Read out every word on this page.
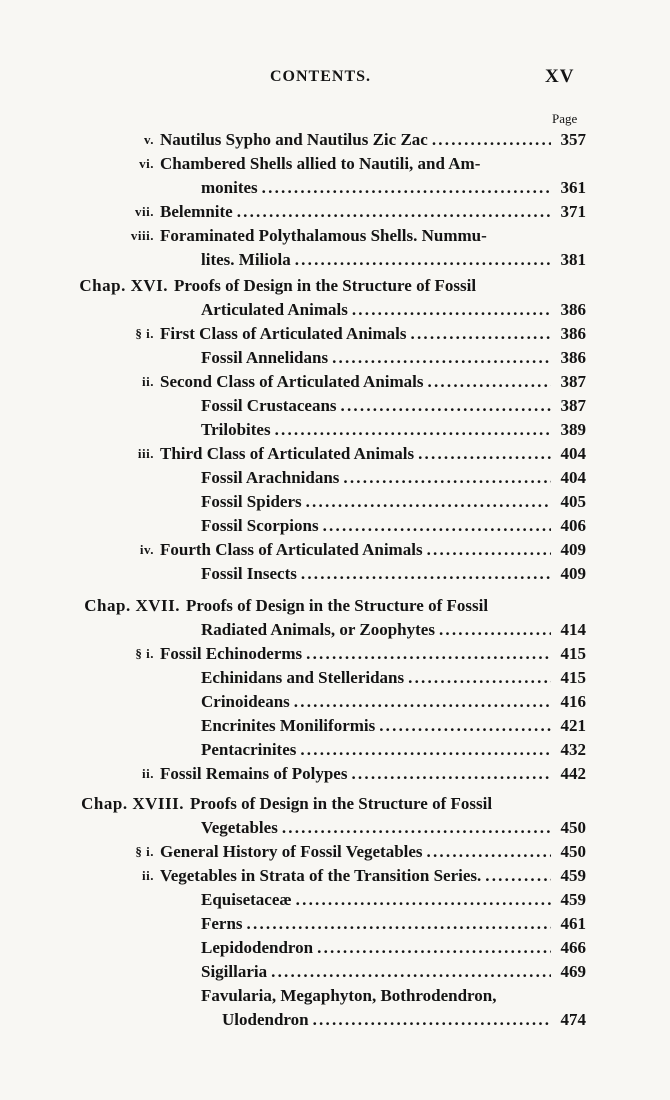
CONTENTS.	XV
Page
v. Nautilus Sypho and Nautilus Zic Zac .....	357
vi. Chambered Shells allied to Nautili, and Am-
monites .....	361
vii. Belemnite .....	371
viii. Foraminated Polythalamous Shells. Nummu-
lites. Miliola .....	381
Chap. XVI. Proofs of Design in the Structure of Fossil
Articulated Animals .....	386
§ i. First Class of Articulated Animals .....	386
Fossil Annelidans .....	386
ii. Second Class of Articulated Animals .....	387
Fossil Crustaceans .....	387
Trilobites .....	389
iii. Third Class of Articulated Animals .....	404
Fossil Arachnidans .....	404
Fossil Spiders .....	405
Fossil Scorpions .....	406
iv. Fourth Class of Articulated Animals .....	409
Fossil Insects .....	409
Chap. XVII. Proofs of Design in the Structure of Fossil
Radiated Animals, or Zoophytes .....	414
§ i. Fossil Echinoderms .....	415
Echinidans and Stelleridans .....	415
Crinoideans .....	416
Encrinites Moniliformis .....	421
Pentacrinites .....	432
ii. Fossil Remains of Polypes .....	442
Chap. XVIII. Proofs of Design in the Structure of Fossil
Vegetables .....	450
§ i. General History of Fossil Vegetables .....	450
ii. Vegetables in Strata of the Transition Series. .....	459
Equisetaceæ .....	459
Ferns .....	461
Lepidodendron .....	466
Sigillaria .....	469
Favularia, Megaphyton, Bothrodendron,
Ulodendron .....	474
